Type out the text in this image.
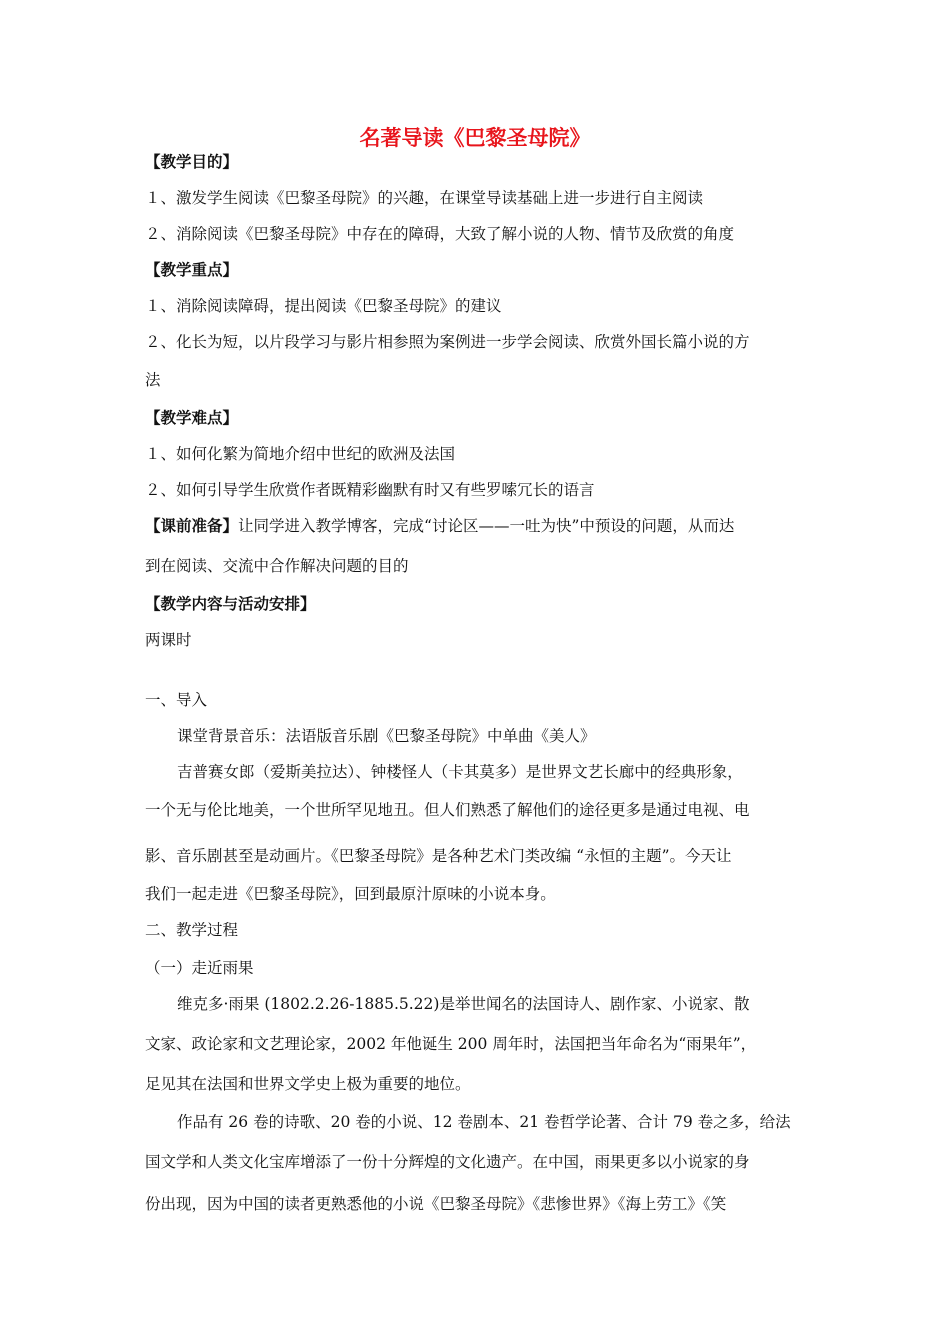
名著导读《巴黎圣母院》
【教学目的】
１、激发学生阅读《巴黎圣母院》的兴趣，在课堂导读基础上进一步进行自主阅读
２、消除阅读《巴黎圣母院》中存在的障碍，大致了解小说的人物、情节及欣赏的角度
【教学重点】
１、消除阅读障碍，提出阅读《巴黎圣母院》的建议
２、化长为短，以片段学习与影片相参照为案例进一步学会阅读、欣赏外国长篇小说的方
法
【教学难点】
１、如何化繁为简地介绍中世纪的欧洲及法国
２、如何引导学生欣赏作者既精彩幽默有时又有些罗嗦冗长的语言
【课前准备】让同学进入教学博客，完成“讨论区——一吐为快”中预设的问题，从而达
到在阅读、交流中合作解决问题的目的
【教学内容与活动安排】
两课时
一、导入
课堂背景音乐：法语版音乐剧《巴黎圣母院》中单曲《美人》
吉普赛女郎（爱斯美拉达）、钟楼怪人（卡其莫多）是世界文艺长廊中的经典形象，
一个无与伦比地美，一个世所罕见地丑。但人们熟悉了解他们的途径更多是通过电视、电
影、音乐剧甚至是动画片。《巴黎圣母院》是各种艺术门类改编 “永恒的主题”。今天让
我们一起走进《巴黎圣母院》，回到最原汁原味的小说本身。
二、教学过程
（一）走近雨果
维克多·雨果 (1802.2.26-1885.5.22)是举世闻名的法国诗人、剧作家、小说家、散
文家、政论家和文艺理论家，2002 年他诞生 200 周年时，法国把当年命名为“雨果年”，
足见其在法国和世界文学史上极为重要的地位。
作品有 26 卷的诗歌、20 卷的小说、12 卷剧本、21 卷哲学论著、合计 79 卷之多，给法
国文学和人类文化宝库增添了一份十分辉煌的文化遗产。在中国，雨果更多以小说家的身
份出现，因为中国的读者更熟悉他的小说《巴黎圣母院》《悲惨世界》《海上劳工》《笑
